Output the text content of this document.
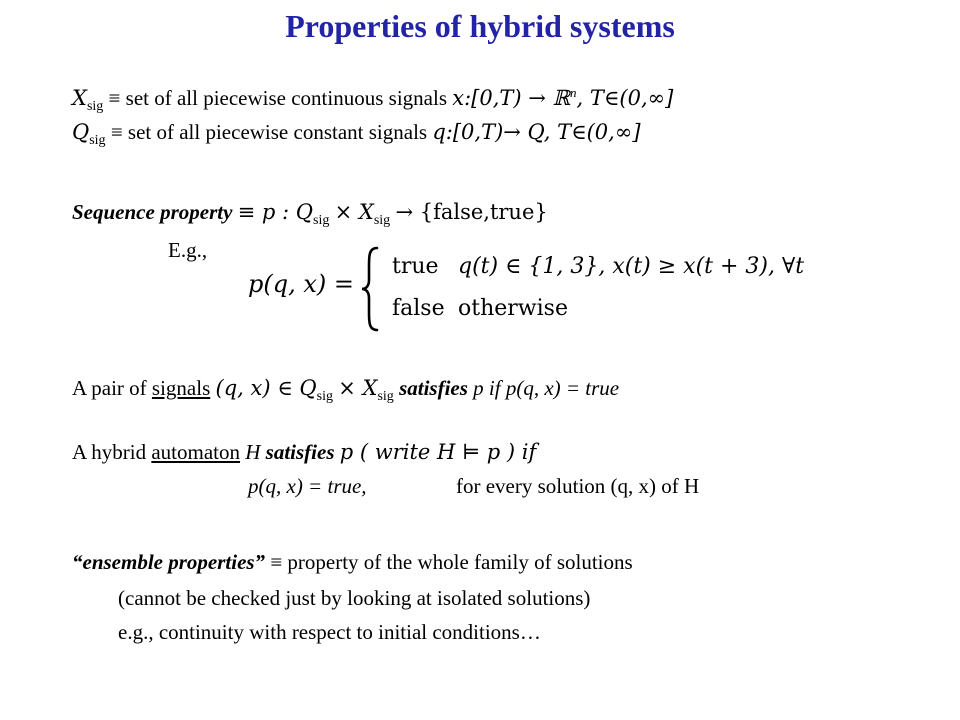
Properties of hybrid systems
$X_{sig}$ ≡ set of all piecewise continuous signals x:[0,T) → ℝ$^n$, T∈(0,∞]
$Q_{sig}$ ≡ set of all piecewise constant signals q:[0,T)→ Q, T∈(0,∞]
Sequence property ≡ p : $Q_{sig} \times X_{sig}$ → {false,true}
E.g.,
p(q, x) =
true q(t) ∈ {1, 3}, x(t) ≥ x(t + 3), ∀t
false otherwise
A pair of signals (q, x) ∈ $Q_{sig} \times X_{sig}$ satisfies p if p(q, x) = true
A hybrid automaton H satisfies p ( write H ⊨ p ) if
p(q, x) = true,	for every solution (q, x) of H
“ensemble properties” ≡ property of the whole family of solutions
(cannot be checked just by looking at isolated solutions)
e.g., continuity with respect to initial conditions…
